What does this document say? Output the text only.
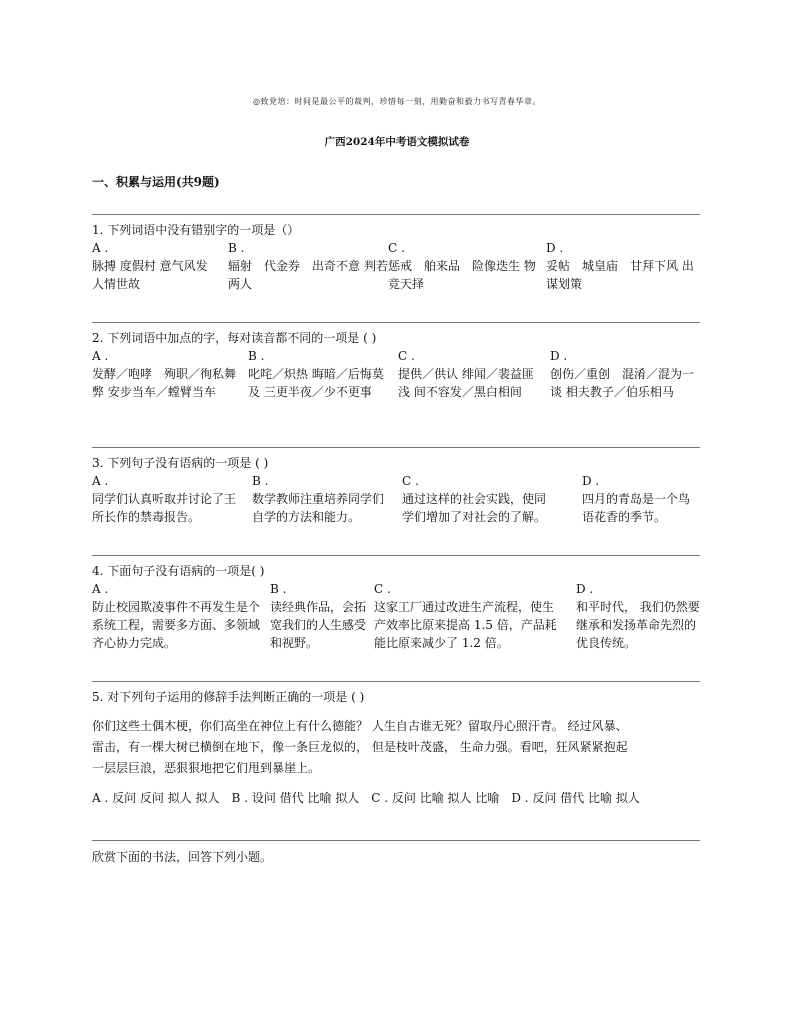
◎致党培：时间是最公平的裁判，珍惜每一刻，用勤奋和毅力书写青春华章。
广西2024年中考语文模拟试卷
一、积累与运用(共9题)
1. 下列词语中没有错别字的一项是（）
A .
脉搏 度假村 意气风发 人情世故
B .
辐射　代金券　出奇不意 判若两人
C .
惩戒　舶来品　险像迭生 物竞天择
D .
妥帖　城皇庙　甘拜下风 出谋划策
2. 下列词语中加点的字，每对读音都不同的一项是 ( )
A .
发酵／咆哮　殉职／徇私舞弊 安步当车／螳臂当车
B .
叱咤／炽热 晦暗／后悔莫及 三更半夜／少不更事
C .
提供／供认 绯闻／裴益匪浅 间不容发／黑白相间
D .
创伤／重创　混淆／混为一谈 相夫教子／伯乐相马
3. 下列句子没有语病的一项是 ( )
A .
同学们认真听取并讨论了王所长作的禁毒报告。
B .
数学教师注重培养同学们自学的方法和能力。
C .
通过这样的社会实践，使同学们增加了对社会的了解。
D .
四月的青岛是一个鸟语花香的季节。
4. 下面句子没有语病的一项是( )
A .
防止校园欺凌事件不再发生是个系统工程，需要多方面、多领域齐心协力完成。
B .
读经典作品，会拓宽我们的人生感受和视野。
C .
这家工厂通过改进生产流程，使生产效率比原来提高 1.5 倍，产品耗能比原来减少了 1.2 倍。
D .
和平时代， 我们仍然要继承和发扬革命先烈的优良传统。
5. 对下列句子运用的修辞手法判断正确的一项是 ( )
你们这些土偶木梗，你们高坐在神位上有什么德能？ 人生自古谁无死？留取丹心照汗青。 经过风暴、
雷击，有一棵大树已横倒在地下，像一条巨龙似的， 但是枝叶茂盛， 生命力强。看吧，狂风紧紧抱起
一层层巨浪，恶狠狠地把它们甩到暴崖上。
A . 反问 反问 拟人 拟人　B . 设问 借代 比喻 拟人　C . 反问 比喻 拟人 比喻　D . 反问 借代 比喻 拟人
欣赏下面的书法，回答下列小题。
